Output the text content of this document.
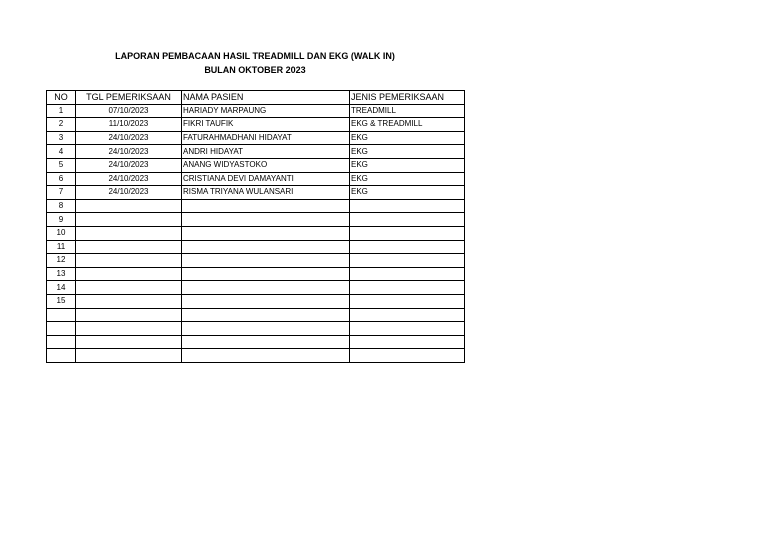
LAPORAN PEMBACAAN HASIL TREADMILL DAN EKG (WALK IN)
BULAN OKTOBER 2023
NO	TGL PEMERIKSAAN	NAMA PASIEN	JENIS PEMERIKSAAN
1	07/10/2023	HARIADY MARPAUNG	TREADMILL
2	11/10/2023	FIKRI TAUFIK	EKG & TREADMILL
3	24/10/2023	FATURAHMADHANI HIDAYAT	EKG
4	24/10/2023	ANDRI HIDAYAT	EKG
5	24/10/2023	ANANG WIDYASTOKO	EKG
6	24/10/2023	CRISTIANA DEVI DAMAYANTI	EKG
7	24/10/2023	RISMA TRIYANA WULANSARI	EKG
8			
9			
10			
11			
12			
13			
14			
15			
